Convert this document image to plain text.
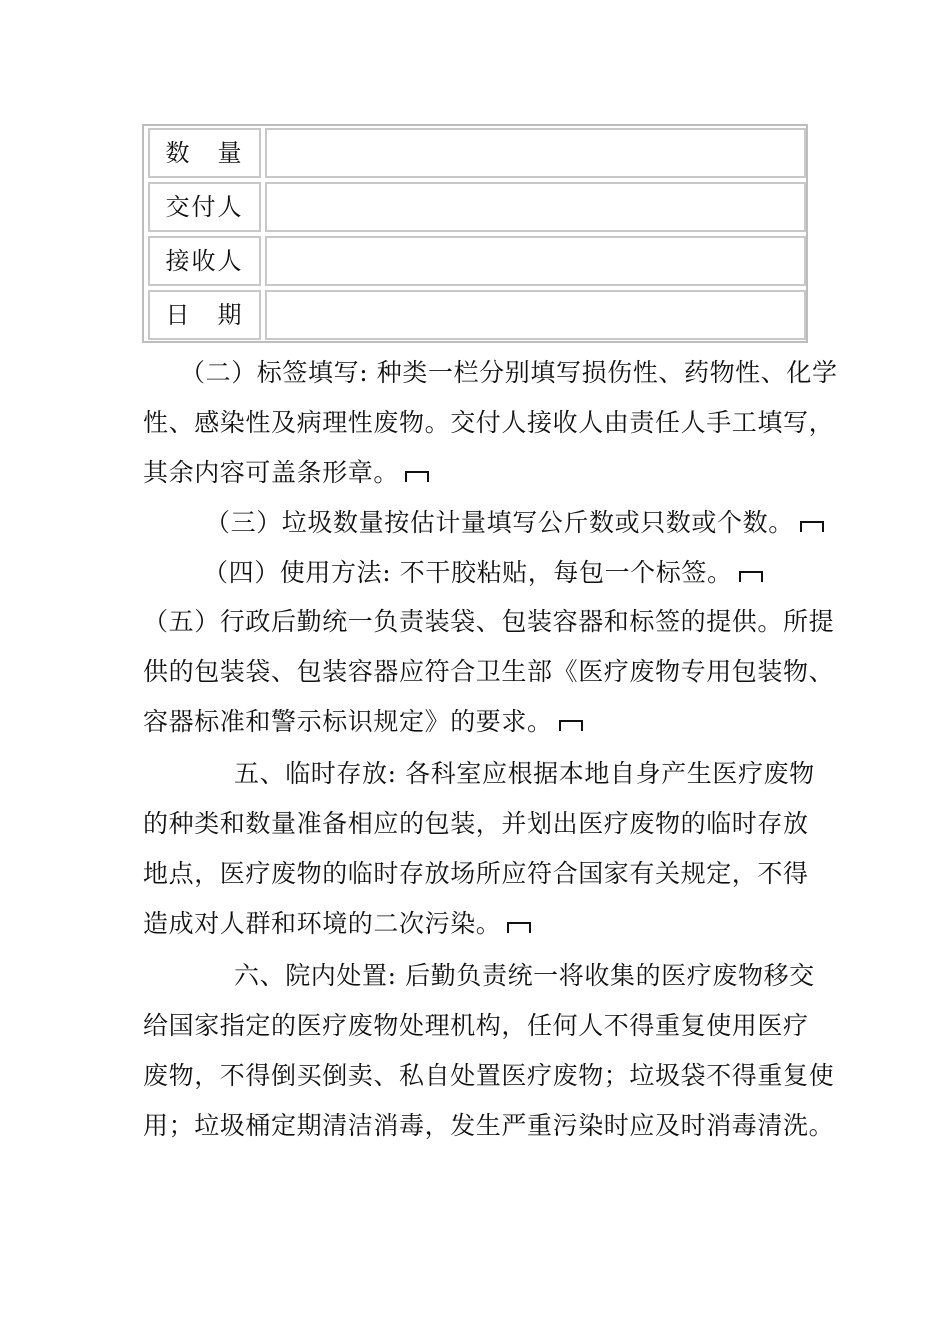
数　量
交付人
接收人
日　期
（二）标签填写: 种类一栏分别填写损伤性、药物性、化学
性、感染性及病理性废物。交付人接收人由责任人手工填写，
其余内容可盖条形章。
（三）垃圾数量按估计量填写公斤数或只数或个数。
（四）使用方法: 不干胶粘贴，每包一个标签。
（五）行政后勤统一负责装袋、包装容器和标签的提供。所提
供的包装袋、包装容器应符合卫生部《医疗废物专用包装物、
容器标准和警示标识规定》的要求。
五、临时存放: 各科室应根据本地自身产生医疗废物
的种类和数量准备相应的包装，并划出医疗废物的临时存放
地点，医疗废物的临时存放场所应符合国家有关规定，不得
造成对人群和环境的二次污染。
六、院内处置: 后勤负责统一将收集的医疗废物移交
给国家指定的医疗废物处理机构，任何人不得重复使用医疗
废物，不得倒买倒卖、私自处置医疗废物；垃圾袋不得重复使
用；垃圾桶定期清洁消毒，发生严重污染时应及时消毒清洗。
